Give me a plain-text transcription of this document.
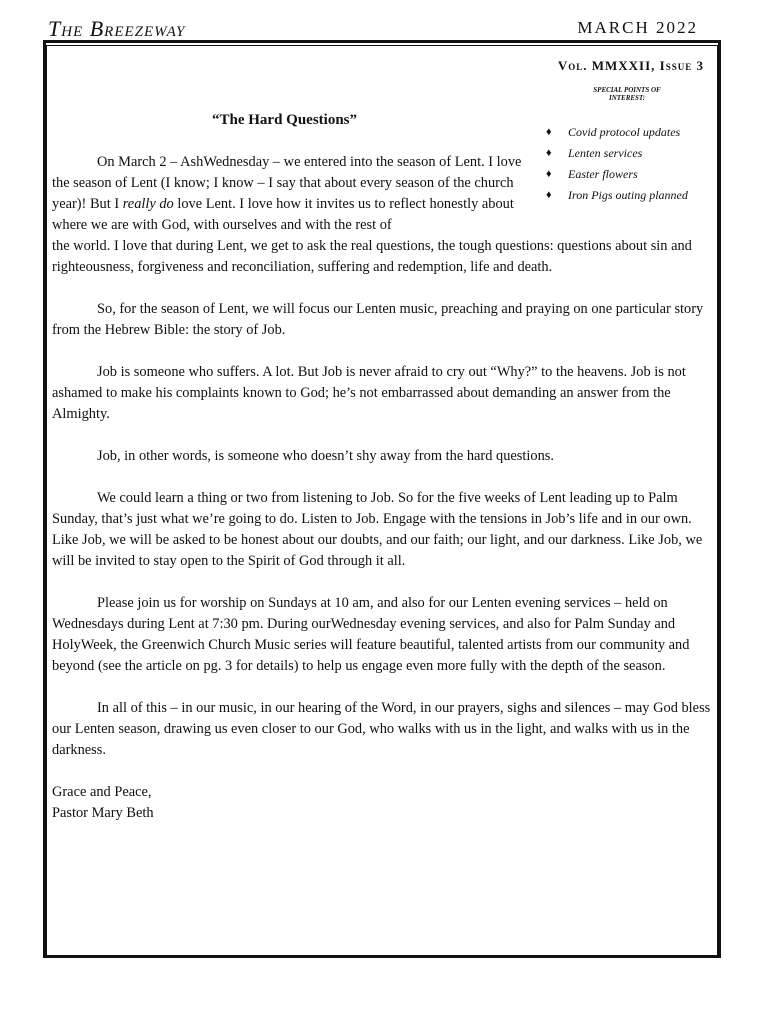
The Breezeway	MARCH 2022
Vol. MMXXII, Issue 3
SPECIAL POINTS OF INTEREST:
♦ Covid protocol updates
♦ Lenten services
♦ Easter flowers
♦ Iron Pigs outing planned
“The Hard Questions”

On March 2 – AshWednesday – we entered into the season of Lent. I love the season of Lent (I know; I know – I say that about every season of the church year)! But I really do love Lent. I love how it invites us to reflect honestly about where we are with God, with ourselves and with the rest of

the world. I love that during Lent, we get to ask the real questions, the tough questions: questions about sin and righteousness, forgiveness and reconciliation, suffering and redemption, life and death.

So, for the season of Lent, we will focus our Lenten music, preaching and praying on one particular story from the Hebrew Bible: the story of Job.

Job is someone who suffers. A lot. But Job is never afraid to cry out “Why?” to the heavens. Job is not ashamed to make his complaints known to God; he’s not embarrassed about demanding an answer from the Almighty.

Job, in other words, is someone who doesn’t shy away from the hard questions.

We could learn a thing or two from listening to Job. So for the five weeks of Lent leading up to Palm Sunday, that’s just what we’re going to do. Listen to Job. Engage with the tensions in Job’s life and in our own. Like Job, we will be asked to be honest about our doubts, and our faith; our light, and our darkness. Like Job, we will be invited to stay open to the Spirit of God through it all.

Please join us for worship on Sundays at 10 am, and also for our Lenten evening services – held on Wednesdays during Lent at 7:30 pm. During ourWednesday evening services, and also for Palm Sunday and HolyWeek, the Greenwich Church Music series will feature beautiful, talented artists from our community and beyond (see the article on pg. 3 for details) to help us engage even more fully with the depth of the season.

In all of this – in our music, in our hearing of the Word, in our prayers, sighs and silences – may God bless our Lenten season, drawing us even closer to our God, who walks with us in the light, and walks with us in the darkness.

Grace and Peace,

Pastor Mary Beth
